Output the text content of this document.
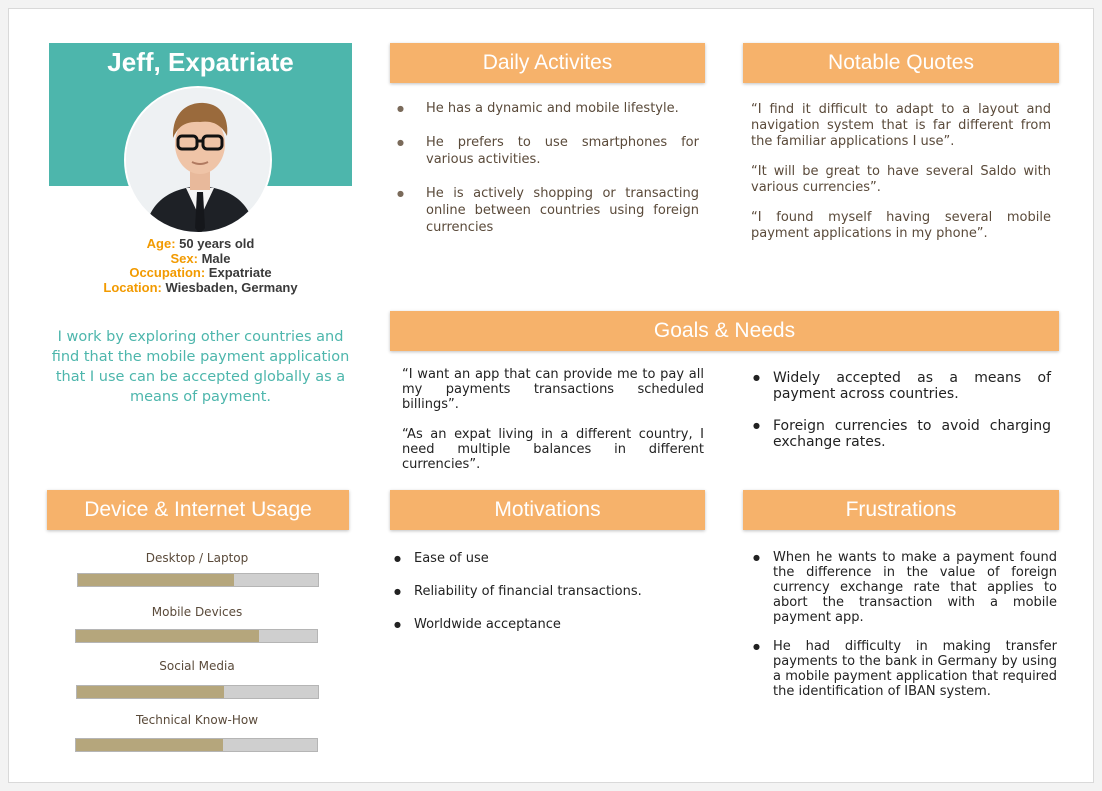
Jeff, Expatriate
Age: 50 years old
Sex: Male
Occupation: Expatriate
Location: Wiesbaden, Germany
I work by exploring other countries and find that the mobile payment application that I use can be accepted globally as a means of payment.
Daily Activites
● He has a dynamic and mobile lifestyle.
● He prefers to use smartphones for various activities.
● He is actively shopping or transacting online between countries using foreign currencies
Notable Quotes
“I find it difficult to adapt to a layout and navigation system that is far different from the familiar applications I use”.
“It will be great to have several Saldo with various currencies”.
“I found myself having several mobile payment applications in my phone”.
Goals & Needs
“I want an app that can provide me to pay all my payments transactions scheduled billings”.
“As an expat living in a different country, I need multiple balances in different currencies”.
● Widely accepted as a means of payment across countries.
● Foreign currencies to avoid charging exchange rates.
Device & Internet Usage
Desktop / Laptop
Mobile Devices
Social Media
Technical Know-How
Motivations
● Ease of use
● Reliability of financial transactions.
● Worldwide acceptance
Frustrations
● When he wants to make a payment found the difference in the value of foreign currency exchange rate that applies to abort the transaction with a mobile payment app.
● He had difficulty in making transfer payments to the bank in Germany by using a mobile payment application that required the identification of IBAN system.
